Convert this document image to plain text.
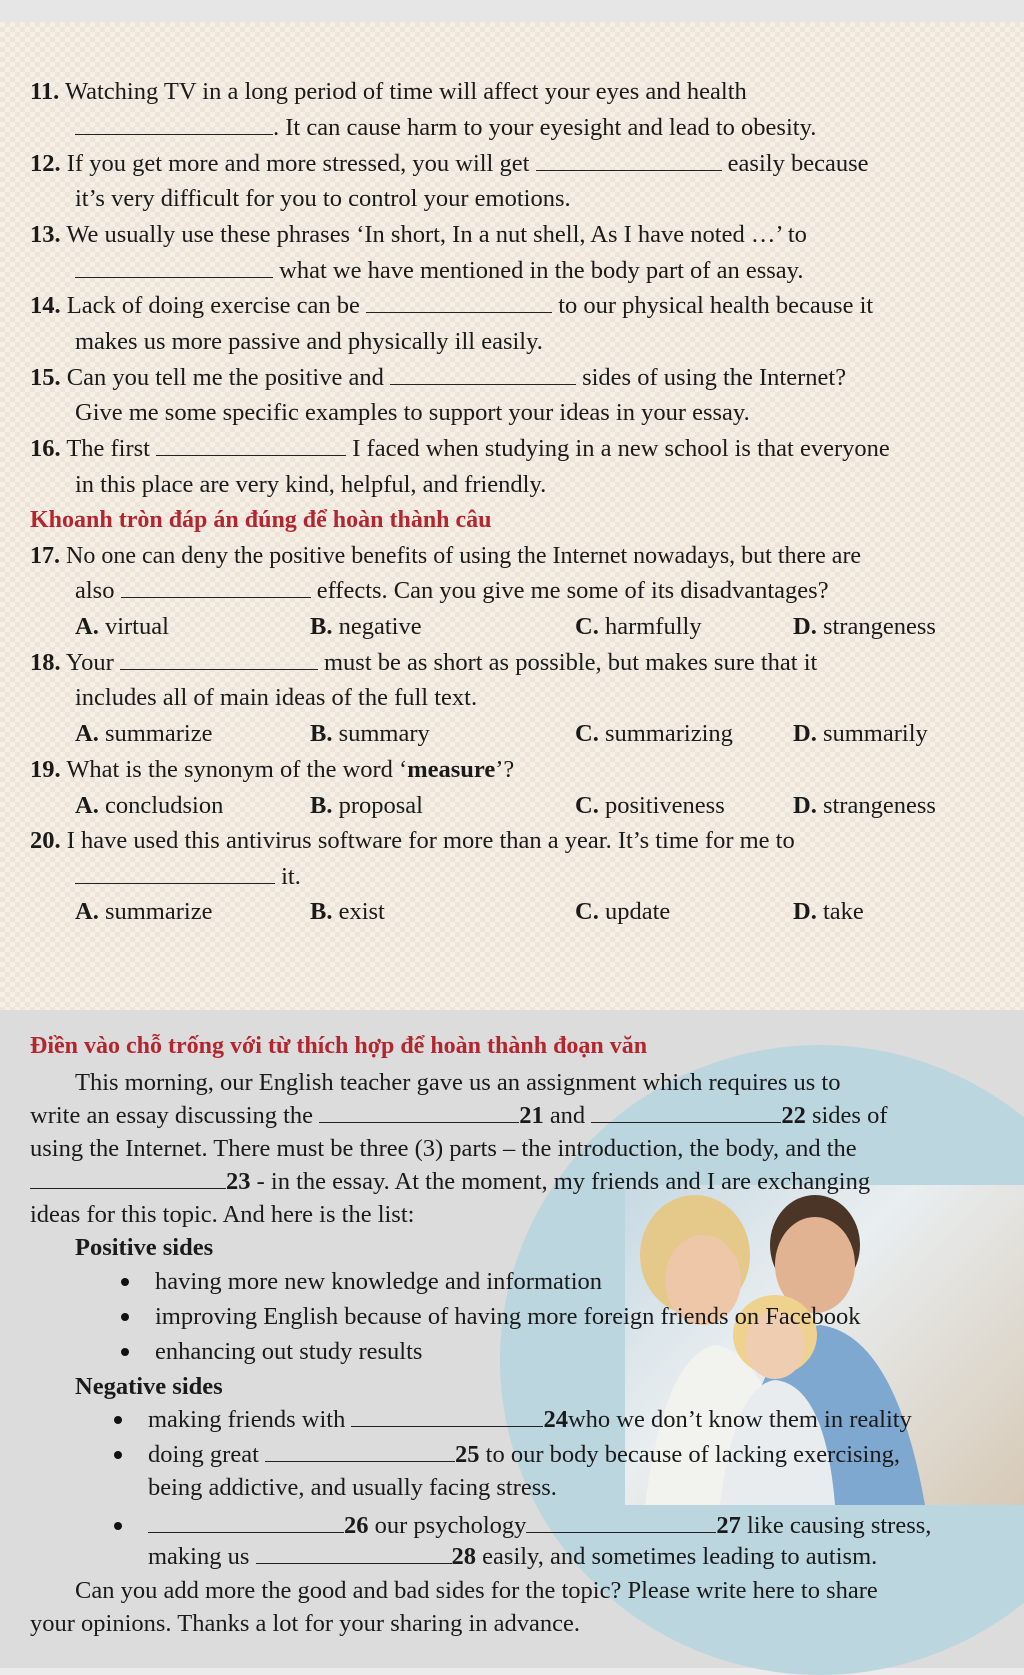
11. Watching TV in a long period of time will affect your eyes and health
. It can cause harm to your eyesight and lead to obesity.
12. If you get more and more stressed, you will get	easily because
it’s very difficult for you to control your emotions.
13. We usually use these phrases ‘In short, In a nut shell, As I have noted …’ to
what we have mentioned in the body part of an essay.
14. Lack of doing exercise can be	to our physical health because it
makes us more passive and physically ill easily.
15. Can you tell me the positive and	sides of using the Internet?
Give me some specific examples to support your ideas in your essay.
16. The first	I faced when studying in a new school is that everyone
in this place are very kind, helpful, and friendly.
Khoanh tròn đáp án đúng để hoàn thành câu
17. No one can deny the positive benefits of using the Internet nowadays, but there are
also	effects. Can you give me some of its disadvantages?
A. virtual	B. negative	C. harmfully	D. strangeness
18. Your	must be as short as possible, but makes sure that it
includes all of main ideas of the full text.
A. summarize	B. summary	C. summarizing D. summarily
19. What is the synonym of the word ‘measure’?
A. concludsion	B. proposal	C. positiveness	D. strangeness
20. I have used this antivirus software for more than a year. It’s time for me to
it.
A. summarize	B. exist	C. update	D. take
Điền vào chỗ trống với từ thích hợp để hoàn thành đoạn văn
This morning, our English teacher gave us an assignment which requires us to
write an essay discussing the	21 and	22 sides of
using the Internet. There must be three (3) parts – the introduction, the body, and the
23 - in the essay. At the moment, my friends and I are exchanging
ideas for this topic. And here is the list:
Positive sides
having more new knowledge and information
improving English because of having more foreign friends on Facebook
enhancing out study results
Negative sides
making friends with	24who we don’t know them in reality
doing great	25 to our body because of lacking exercising,
being addictive, and usually facing stress.
26 our psychology	27 like causing stress,
making us	28 easily, and sometimes leading to autism.
Can you add more the good and bad sides for the topic? Please write here to share
your opinions. Thanks a lot for your sharing in advance.
